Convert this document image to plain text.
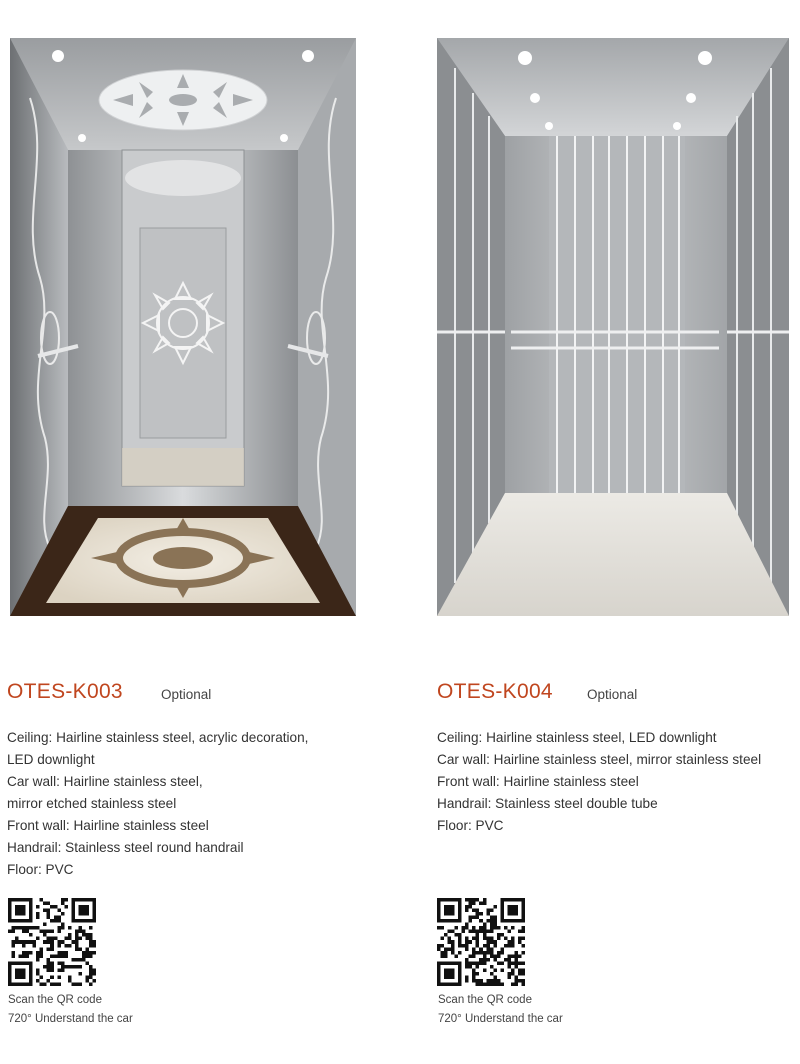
OTES-K003	Optional
Ceiling: Hairline stainless steel, acrylic decoration,
LED downlight
Car wall: Hairline stainless steel,
mirror etched stainless steel
Front wall: Hairline stainless steel
Handrail: Stainless steel round handrail
Floor: PVC
Scan the QR code
720° Understand the car
OTES-K004	Optional
Ceiling: Hairline stainless steel, LED downlight
Car wall: Hairline stainless steel, mirror stainless steel
Front wall: Hairline stainless steel
Handrail: Stainless steel double tube
Floor: PVC
Scan the QR code
720° Understand the car
